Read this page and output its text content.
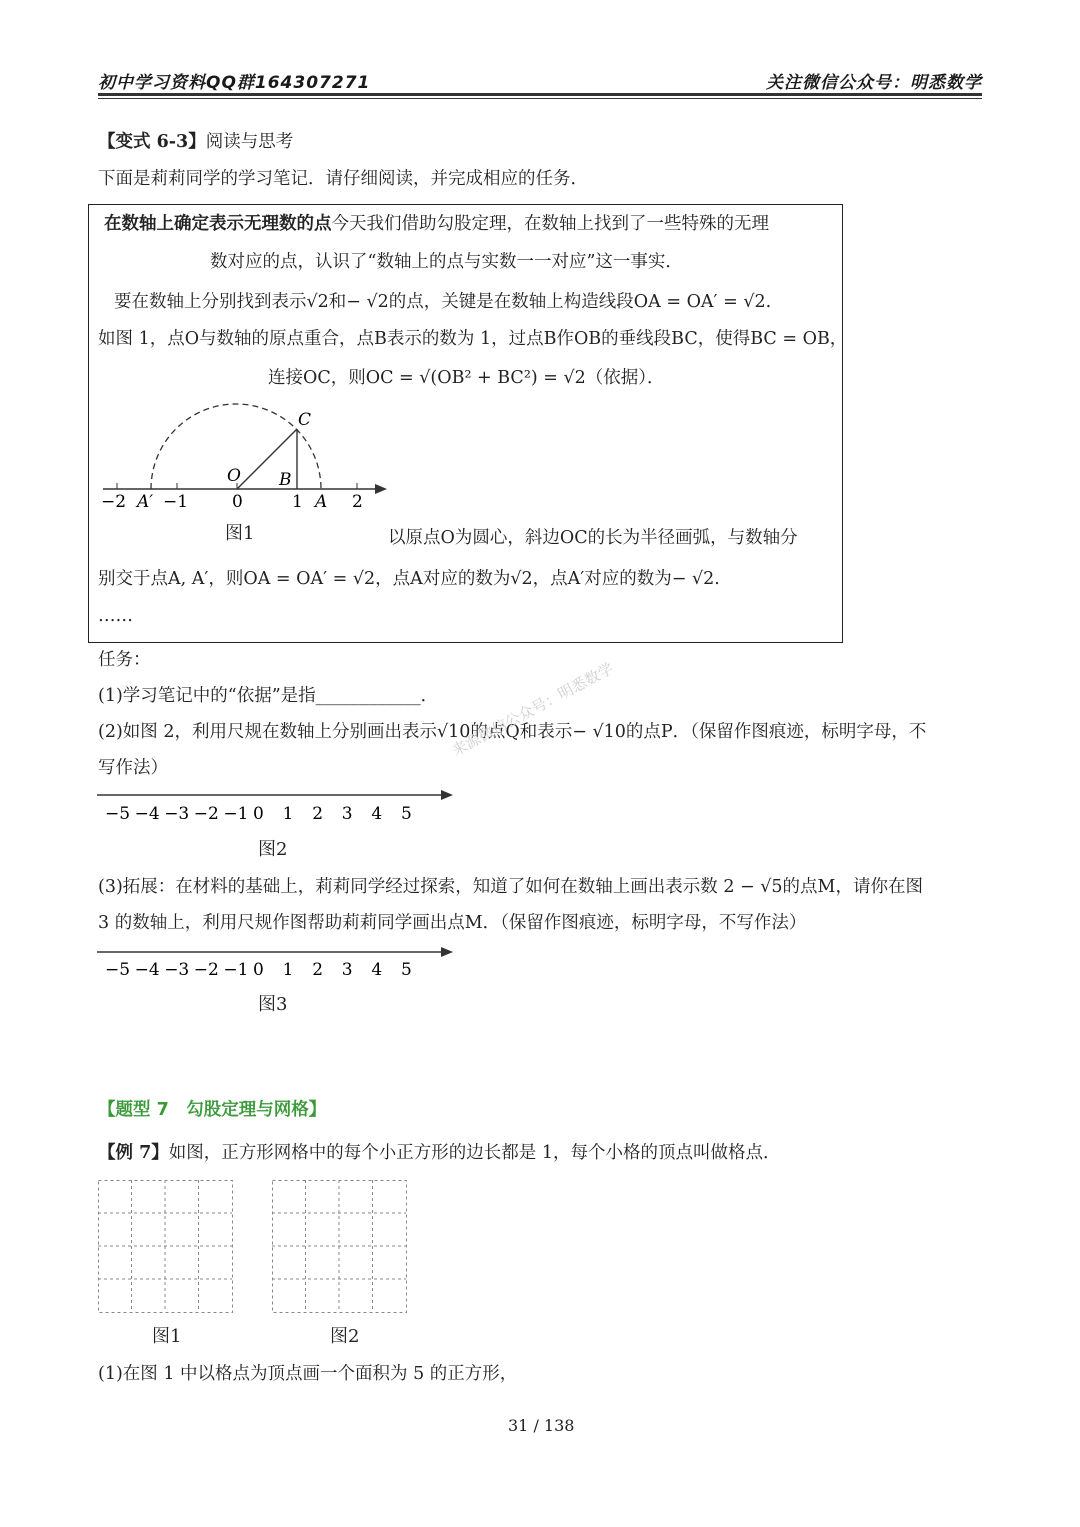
初中学习资料QQ群164307271	关注微信公众号：明悉数学
【变式 6-3】阅读与思考
下面是莉莉同学的学习笔记．请仔细阅读，并完成相应的任务．
在数轴上确定表示无理数的点今天我们借助勾股定理，在数轴上找到了一些特殊的无理
数对应的点，认识了“数轴上的点与实数一一对应”这一事实．
要在数轴上分别找到表示√2和− √2的点，关键是在数轴上构造线段OA = OA′ = √2.
如图 1，点O与数轴的原点重合，点B表示的数为 1，过点B作OB的垂线段BC，使得BC = OB，
连接OC，则OC = √(OB² + BC²) = √2（依据）．
−2 −1	0	1	2
A′
O B
C
A
图1	以原点O为圆心，斜边OC的长为半径画弧，与数轴分
别交于点A, A′，则OA = OA′ = √2，点A对应的数为√2，点A′对应的数为− √2.
……
任务：
(1)学习笔记中的“依据”是指____________．
(2)如图 2，利用尺规在数轴上分别画出表示√10的点Q和表示− √10的点P．（保留作图痕迹，标明字母，不
写作法）
来源微信公众号：明悉数学
−5 −4 −3 −2 −1 0 1 2 3 4 5
图2
(3)拓展：在材料的基础上，莉莉同学经过探索，知道了如何在数轴上画出表示数 2 − √5的点M，请你在图
3 的数轴上，利用尺规作图帮助莉莉同学画出点M．（保留作图痕迹，标明字母，不写作法）
−5 −4 −3 −2 −1 0 1 2 3 4 5
图3
【题型 7　勾股定理与网格】
【例 7】如图，正方形网格中的每个小正方形的边长都是 1，每个小格的顶点叫做格点．
图1	图2
(1)在图 1 中以格点为顶点画一个面积为 5 的正方形，
31 / 138
